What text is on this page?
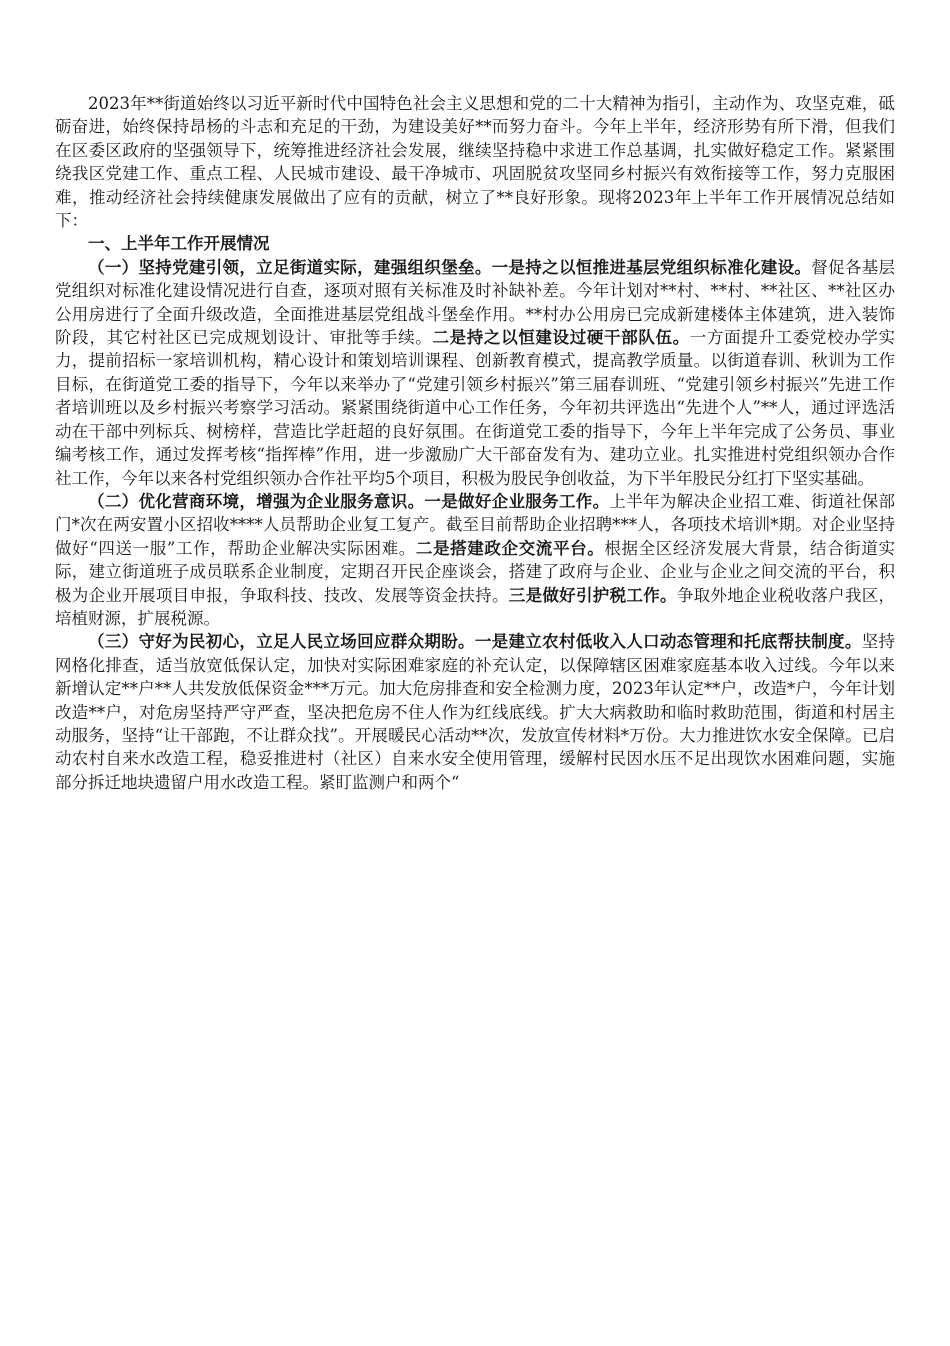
2023年**街道始终以习近平新时代中国特色社会主义思想和党的二十大精神为指引，主动作为、攻坚克难，砥砺奋进，始终保持昂杨的斗志和充足的干劲，为建设美好**而努力奋斗。今年上半年，经济形势有所下滑，但我们在区委区政府的坚强领导下，统筹推进经济社会发展，继续坚持稳中求进工作总基调，扎实做好稳定工作。紧紧围绕我区党建工作、重点工程、人民城市建设、最干净城市、巩固脱贫攻坚同乡村振兴有效衔接等工作，努力克服困难，推动经济社会持续健康发展做出了应有的贡献，树立了**良好形象。现将2023年上半年工作开展情况总结如下：

一、上半年工作开展情况

（一）坚持党建引领，立足街道实际，建强组织堡垒。一是持之以恒推进基层党组织标准化建设。督促各基层党组织对标准化建设情况进行自查，逐项对照有关标准及时补缺补差。今年计划对**村、**村、**社区、**社区办公用房进行了全面升级改造，全面推进基层党组战斗堡垒作用。**村办公用房已完成新建楼体主体建筑，进入装饰阶段，其它村社区已完成规划设计、审批等手续。二是持之以恒建设过硬干部队伍。一方面提升工委党校办学实力，提前招标一家培训机构，精心设计和策划培训课程、创新教育模式，提高教学质量。以街道春训、秋训为工作目标，在街道党工委的指导下，今年以来举办了“党建引领乡村振兴”第三届春训班、“党建引领乡村振兴”先进工作者培训班以及乡村振兴考察学习活动。紧紧围绕街道中心工作任务，今年初共评选出“先进个人”**人，通过评选活动在干部中列标兵、树榜样，营造比学赶超的良好氛围。在街道党工委的指导下，今年上半年完成了公务员、事业编考核工作，通过发挥考核“指挥棒”作用，进一步激励广大干部奋发有为、建功立业。扎实推进村党组织领办合作社工作，今年以来各村党组织领办合作社平均5个项目，积极为股民争创收益，为下半年股民分红打下坚实基础。

（二）优化营商环境，增强为企业服务意识。一是做好企业服务工作。上半年为解决企业招工难、街道社保部门*次在两安置小区招收****人员帮助企业复工复产。截至目前帮助企业招聘***人，各项技术培训*期。对企业坚持做好“四送一服”工作，帮助企业解决实际困难。二是搭建政企交流平台。根据全区经济发展大背景，结合街道实际，建立街道班子成员联系企业制度，定期召开民企座谈会，搭建了政府与企业、企业与企业之间交流的平台，积极为企业开展项目申报，争取科技、技改、发展等资金扶持。三是做好引护税工作。争取外地企业税收落户我区，培植财源，扩展税源。

（三）守好为民初心，立足人民立场回应群众期盼。一是建立农村低收入人口动态管理和托底帮扶制度。坚持网格化排查，适当放宽低保认定，加快对实际困难家庭的补充认定，以保障辖区困难家庭基本收入过线。今年以来新增认定**户**人共发放低保资金***万元。加大危房排查和安全检测力度，2023年认定**户，改造*户，今年计划改造**户，对危房坚持严守严查，坚决把危房不住人作为红线底线。扩大大病救助和临时救助范围，街道和村居主动服务，坚持“让干部跑，不让群众找”。开展暖民心活动**次，发放宣传材料*万份。大力推进饮水安全保障。已启动农村自来水改造工程，稳妥推进村（社区）自来水安全使用管理，缓解村民因水压不足出现饮水困难问题，实施部分拆迁地块遗留户用水改造工程。紧盯监测户和两个“
